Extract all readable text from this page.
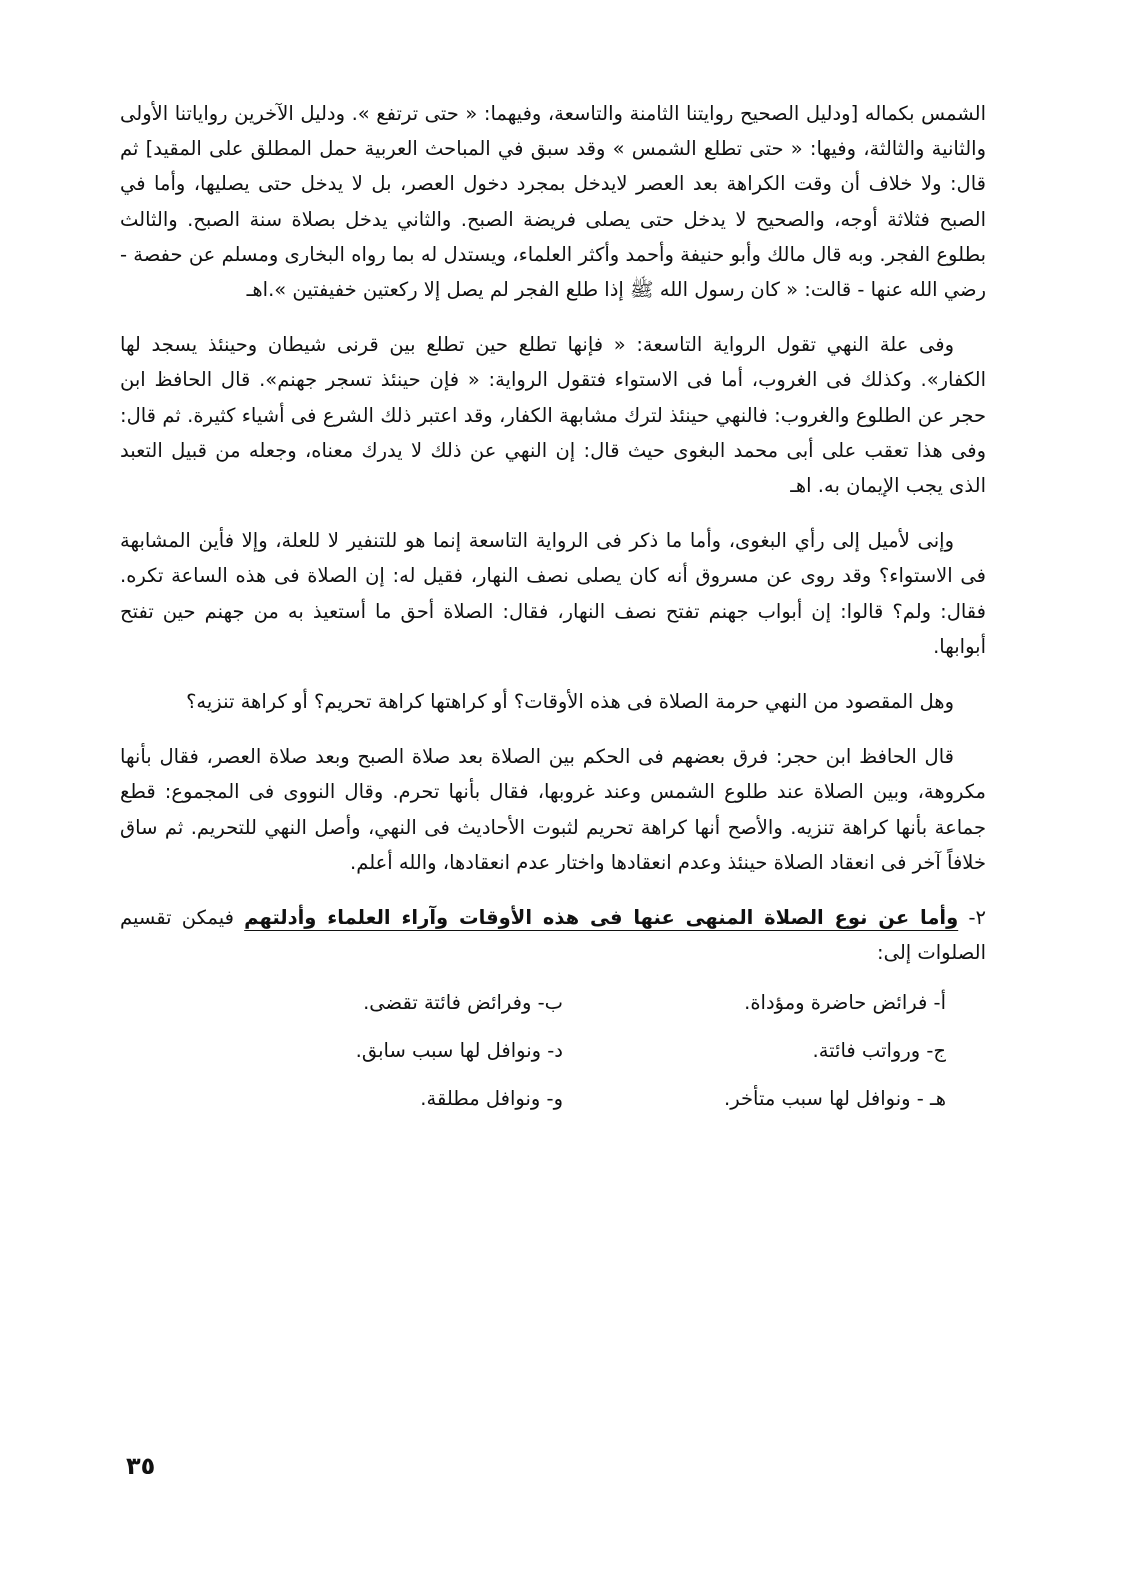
الشمس بكماله [ودليل الصحيح روايتنا الثامنة والتاسعة، وفيهما: « حتى ترتفع ». ودليل الآخرين رواياتنا الأولى والثانية والثالثة، وفيها: « حتى تطلع الشمس » وقد سبق في المباحث العربية حمل المطلق على المقيد] ثم قال: ولا خلاف أن وقت الكراهة بعد العصر لايدخل بمجرد دخول العصر، بل لا يدخل حتى يصليها، وأما في الصبح فثلاثة أوجه، والصحيح لا يدخل حتى يصلى فريضة الصبح. والثاني يدخل بصلاة سنة الصبح. والثالث بطلوع الفجر. وبه قال مالك وأبو حنيفة وأحمد وأكثر العلماء، ويستدل له بما رواه البخارى ومسلم عن حفصة - رضي الله عنها - قالت: « كان رسول الله ﷺ إذا طلع الفجر لم يصل إلا ركعتين خفيفتين ».اهـ

وفى علة النهي تقول الرواية التاسعة: « فإنها تطلع حين تطلع بين قرنى شيطان وحينئذ يسجد لها الكفار». وكذلك فى الغروب، أما فى الاستواء فتقول الرواية: « فإن حينئذ تسجر جهنم». قال الحافظ ابن حجر عن الطلوع والغروب: فالنهي حينئذ لترك مشابهة الكفار، وقد اعتبر ذلك الشرع فى أشياء كثيرة. ثم قال: وفى هذا تعقب على أبى محمد البغوى حيث قال: إن النهي عن ذلك لا يدرك معناه، وجعله من قبيل التعبد الذى يجب الإيمان به. اهـ

وإنى لأميل إلى رأي البغوى، وأما ما ذكر فى الرواية التاسعة إنما هو للتنفير لا للعلة، وإلا فأين المشابهة فى الاستواء؟ وقد روى عن مسروق أنه كان يصلى نصف النهار، فقيل له: إن الصلاة فى هذه الساعة تكره. فقال: ولم؟ قالوا: إن أبواب جهنم تفتح نصف النهار، فقال: الصلاة أحق ما أستعيذ به من جهنم حين تفتح أبوابها.

وهل المقصود من النهي حرمة الصلاة فى هذه الأوقات؟ أو كراهتها كراهة تحريم؟ أو كراهة تنزيه؟

قال الحافظ ابن حجر: فرق بعضهم فى الحكم بين الصلاة بعد صلاة الصبح وبعد صلاة العصر، فقال بأنها مكروهة، وبين الصلاة عند طلوع الشمس وعند غروبها، فقال بأنها تحرم. وقال النووى فى المجموع: قطع جماعة بأنها كراهة تنزيه. والأصح أنها كراهة تحريم لثبوت الأحاديث فى النهي، وأصل النهي للتحريم. ثم ساق خلافاً آخر فى انعقاد الصلاة حينئذ وعدم انعقادها واختار عدم انعقادها، والله أعلم.

٢- وأما عن نوع الصلاة المنهى عنها فى هذه الأوقات وآراء العلماء وأدلتهم فيمكن تقسيم الصلوات إلى:

أ- فرائض حاضرة ومؤداة.
ب- وفرائض فائتة تقضى.
ج- ورواتب فائتة.
د- ونوافل لها سبب سابق.
هـ - ونوافل لها سبب متأخر.
و- ونوافل مطلقة.
٣٥
